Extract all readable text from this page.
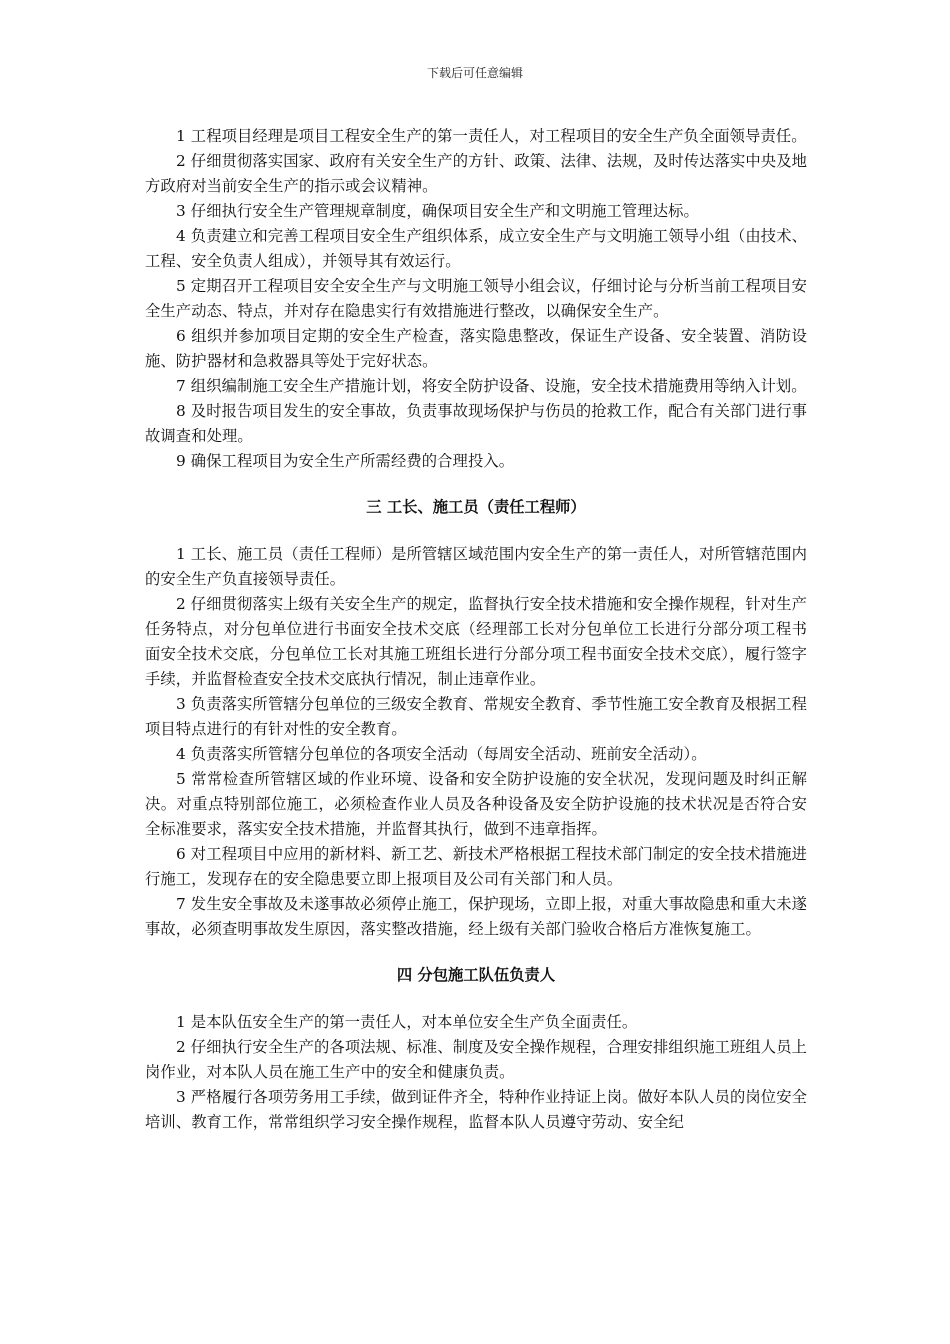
下载后可任意编辑

1 工程项目经理是项目工程安全生产的第一责任人，对工程项目的安全生产负全面领导责任。

2 仔细贯彻落实国家、政府有关安全生产的方针、政策、法律、法规，及时传达落实中央及地方政府对当前安全生产的指示或会议精神。

3 仔细执行安全生产管理规章制度，确保项目安全生产和文明施工管理达标。

4 负责建立和完善工程项目安全生产组织体系，成立安全生产与文明施工领导小组（由技术、工程、安全负责人组成），并领导其有效运行。

5 定期召开工程项目安全安全生产与文明施工领导小组会议，仔细讨论与分析当前工程项目安全生产动态、特点，并对存在隐患实行有效措施进行整改，以确保安全生产。

6 组织并参加项目定期的安全生产检查，落实隐患整改，保证生产设备、安全装置、消防设施、防护器材和急救器具等处于完好状态。

7 组织编制施工安全生产措施计划，将安全防护设备、设施，安全技术措施费用等纳入计划。

8 及时报告项目发生的安全事故，负责事故现场保护与伤员的抢救工作，配合有关部门进行事故调查和处理。

9 确保工程项目为安全生产所需经费的合理投入。

三 工长、施工员（责任工程师）

1 工长、施工员（责任工程师）是所管辖区域范围内安全生产的第一责任人，对所管辖范围内的安全生产负直接领导责任。

2 仔细贯彻落实上级有关安全生产的规定，监督执行安全技术措施和安全操作规程，针对生产任务特点，对分包单位进行书面安全技术交底（经理部工长对分包单位工长进行分部分项工程书面安全技术交底，分包单位工长对其施工班组长进行分部分项工程书面安全技术交底），履行签字手续，并监督检查安全技术交底执行情况，制止违章作业。

3 负责落实所管辖分包单位的三级安全教育、常规安全教育、季节性施工安全教育及根据工程项目特点进行的有针对性的安全教育。

4 负责落实所管辖分包单位的各项安全活动（每周安全活动、班前安全活动）。

5 常常检查所管辖区域的作业环境、设备和安全防护设施的安全状况，发现问题及时纠正解决。对重点特别部位施工，必须检查作业人员及各种设备及安全防护设施的技术状况是否符合安全标准要求，落实安全技术措施，并监督其执行，做到不违章指挥。

6 对工程项目中应用的新材料、新工艺、新技术严格根据工程技术部门制定的安全技术措施进行施工，发现存在的安全隐患要立即上报项目及公司有关部门和人员。

7 发生安全事故及未遂事故必须停止施工，保护现场，立即上报，对重大事故隐患和重大未遂事故，必须查明事故发生原因，落实整改措施，经上级有关部门验收合格后方准恢复施工。

四 分包施工队伍负责人

1 是本队伍安全生产的第一责任人，对本单位安全生产负全面责任。

2 仔细执行安全生产的各项法规、标准、制度及安全操作规程，合理安排组织施工班组人员上岗作业，对本队人员在施工生产中的安全和健康负责。

3 严格履行各项劳务用工手续，做到证件齐全，特种作业持证上岗。做好本队人员的岗位安全培训、教育工作，常常组织学习安全操作规程，监督本队人员遵守劳动、安全纪
